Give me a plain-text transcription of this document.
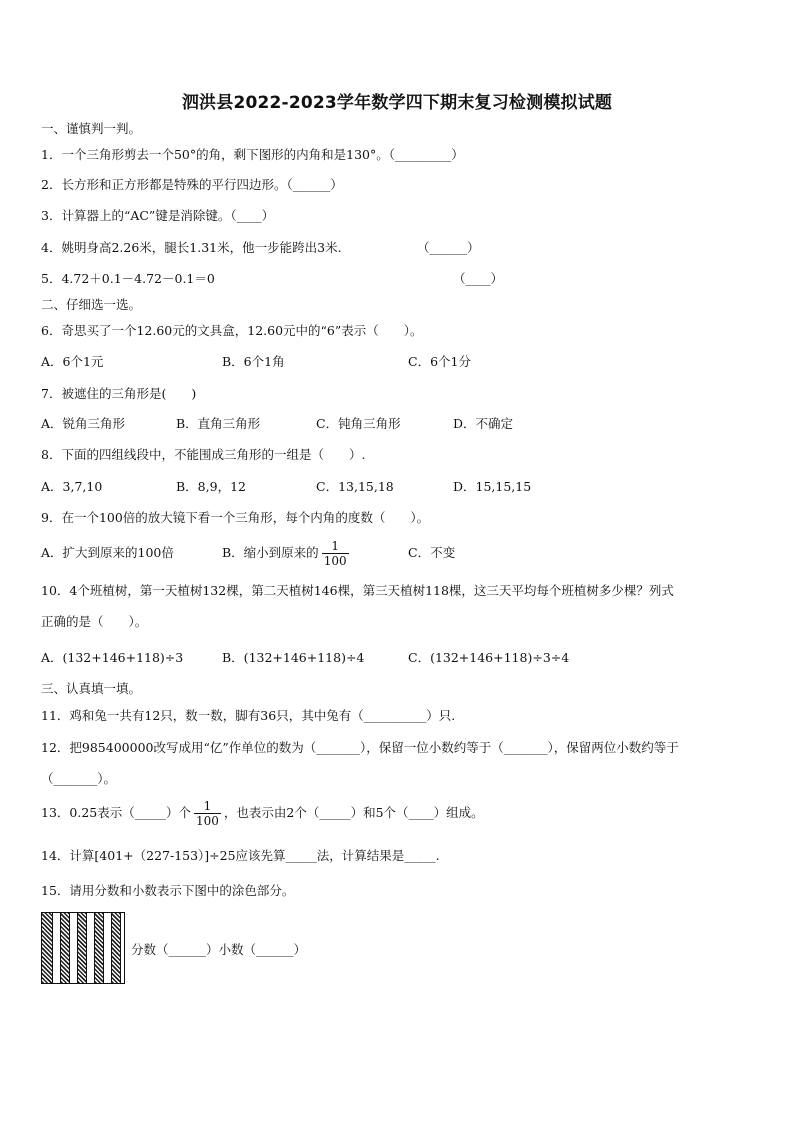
泗洪县2022-2023学年数学四下期末复习检测模拟试题
一、谨慎判一判。
1．一个三角形剪去一个50°的角，剩下图形的内角和是130°。（_________）
2．长方形和正方形都是特殊的平行四边形。（______）
3．计算器上的“AC”键是消除键。（____）
4．姚明身高2.26米，腿长1.31米，他一步能跨出3米.	（______）
5．4.72＋0.1－4.72－0.1＝0	（____）
二、仔细选一选。
6．奇思买了一个12.60元的文具盒，12.60元中的“6”表示（　　）。
A．6个1元	B．6个1角	C．6个1分
7．被遮住的三角形是(　　)
A．锐角三角形	B．直角三角形	C．钝角三角形	D．不确定
8．下面的四组线段中，不能围成三角形的一组是（　　）.
A．3,7,10	B．8,9，12	C．13,15,18	D．15,15,15
9．在一个100倍的放大镜下看一个三角形，每个内角的度数（　　）。
A．扩大到原来的100倍	B．缩小到原来的 $\frac{1}{100}$	C．不变
10．4个班植树，第一天植树132棵，第二天植树146棵，第三天植树118棵，这三天平均每个班植树多少棵？列式
正确的是（　　）。
A．(132+146+118)÷3	B．(132+146+118)÷4	C．(132+146+118)÷3÷4
三、认真填一填。
11．鸡和兔一共有12只，数一数，脚有36只，其中兔有（__________）只.
12．把985400000改写成用“亿”作单位的数为（_______），保留一位小数约等于（_______），保留两位小数约等于
（_______）。
13．0.25表示（_____）个 $\frac{1}{100}$ ，也表示由2个（_____）和5个（____）组成。
14．计算[401+（227-153）]÷25应该先算_____法，计算结果是_____.
15．请用分数和小数表示下图中的涂色部分。
分数（______）小数（______）
